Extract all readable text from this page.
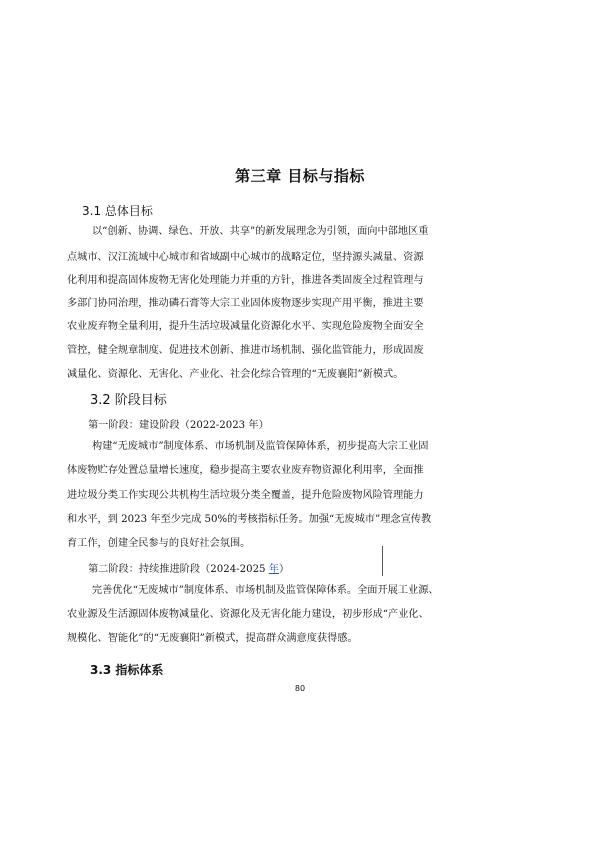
第三章 目标与指标
3.1 总体目标
以“创新、协调、绿色、开放、共享”的新发展理念为引领，面向中部地区重
点城市、汉江流域中心城市和省域副中心城市的战略定位，坚持源头减量、资源
化利用和提高固体废物无害化处理能力并重的方针，推进各类固废全过程管理与
多部门协同治理，推动磷石膏等大宗工业固体废物逐步实现产用平衡，推进主要
农业废弃物全量利用，提升生活垃圾减量化资源化水平、实现危险废物全面安全
管控，健全规章制度、促进技术创新、推进市场机制、强化监管能力，形成固废
减量化、资源化、无害化、产业化、社会化综合管理的“无废襄阳”新模式。
3.2 阶段目标
第一阶段：建设阶段（2022-2023 年）
构建“无废城市”制度体系、市场机制及监管保障体系，初步提高大宗工业固
体废物贮存处置总量增长速度，稳步提高主要农业废弃物资源化利用率，全面推
进垃圾分类工作实现公共机构生活垃圾分类全覆盖，提升危险废物风险管理能力
和水平，到 2023 年至少完成 50%的考核指标任务。加强“无废城市”理念宣传教
育工作，创建全民参与的良好社会氛围。
第二阶段：持续推进阶段（2024-2025 年）
完善优化“无废城市”制度体系、市场机制及监管保障体系。全面开展工业源、
农业源及生活源固体废物减量化、资源化及无害化能力建设，初步形成“产业化、
规模化、智能化”的“无废襄阳”新模式，提高群众满意度获得感。
3.3 指标体系
80
